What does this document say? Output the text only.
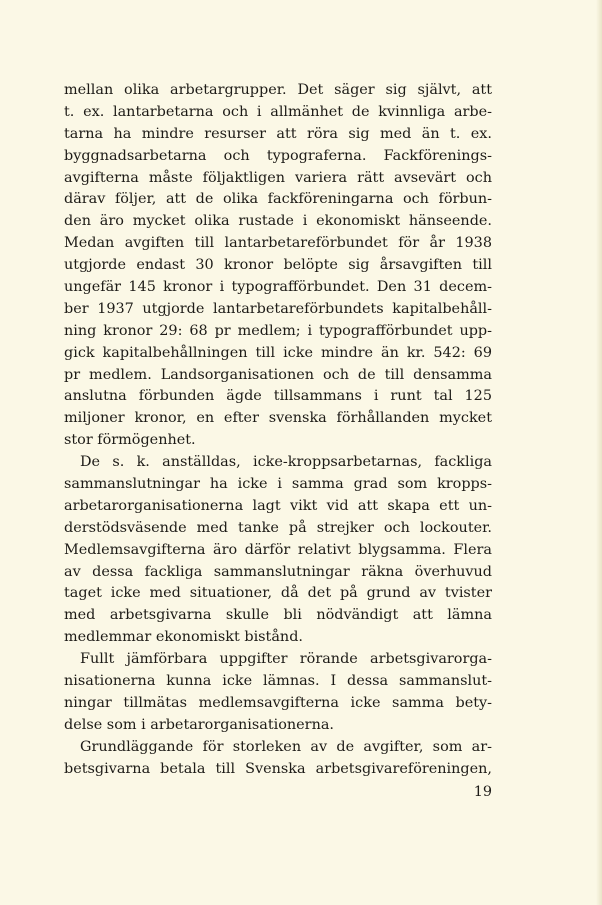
mellan olika arbetargrupper. Det säger sig självt, att
t. ex. lantarbetarna och i allmänhet de kvinnliga arbe-
tarna ha mindre resurser att röra sig med än t. ex.
byggnadsarbetarna och typograferna. Fackförenings-
avgifterna måste följaktligen variera rätt avsevärt och
därav följer, att de olika fackföreningarna och förbun-
den äro mycket olika rustade i ekonomiskt hänseende.
Medan avgiften till lantarbetareförbundet för år 1938
utgjorde endast 30 kronor belöpte sig årsavgiften till
ungefär 145 kronor i typografförbundet. Den 31 decem-
ber 1937 utgjorde lantarbetareförbundets kapitalbehåll-
ning kronor 29: 68 pr medlem; i typografförbundet upp-
gick kapitalbehållningen till icke mindre än kr. 542: 69
pr medlem. Landsorganisationen och de till densamma
anslutna förbunden ägde tillsammans i runt tal 125
miljoner kronor, en efter svenska förhållanden mycket
stor förmögenhet.
De s. k. anställdas, icke-kroppsarbetarnas, fackliga
sammanslutningar ha icke i samma grad som kropps-
arbetarorganisationerna lagt vikt vid att skapa ett un-
derstödsväsende med tanke på strejker och lockouter.
Medlemsavgifterna äro därför relativt blygsamma. Flera
av dessa fackliga sammanslutningar räkna överhuvud
taget icke med situationer, då det på grund av tvister
med arbetsgivarna skulle bli nödvändigt att lämna
medlemmar ekonomiskt bistånd.
Fullt jämförbara uppgifter rörande arbetsgivarorga-
nisationerna kunna icke lämnas. I dessa sammanslut-
ningar tillmätas medlemsavgifterna icke samma bety-
delse som i arbetarorganisationerna.
Grundläggande för storleken av de avgifter, som ar-
betsgivarna betala till Svenska arbetsgivareföreningen,
19
